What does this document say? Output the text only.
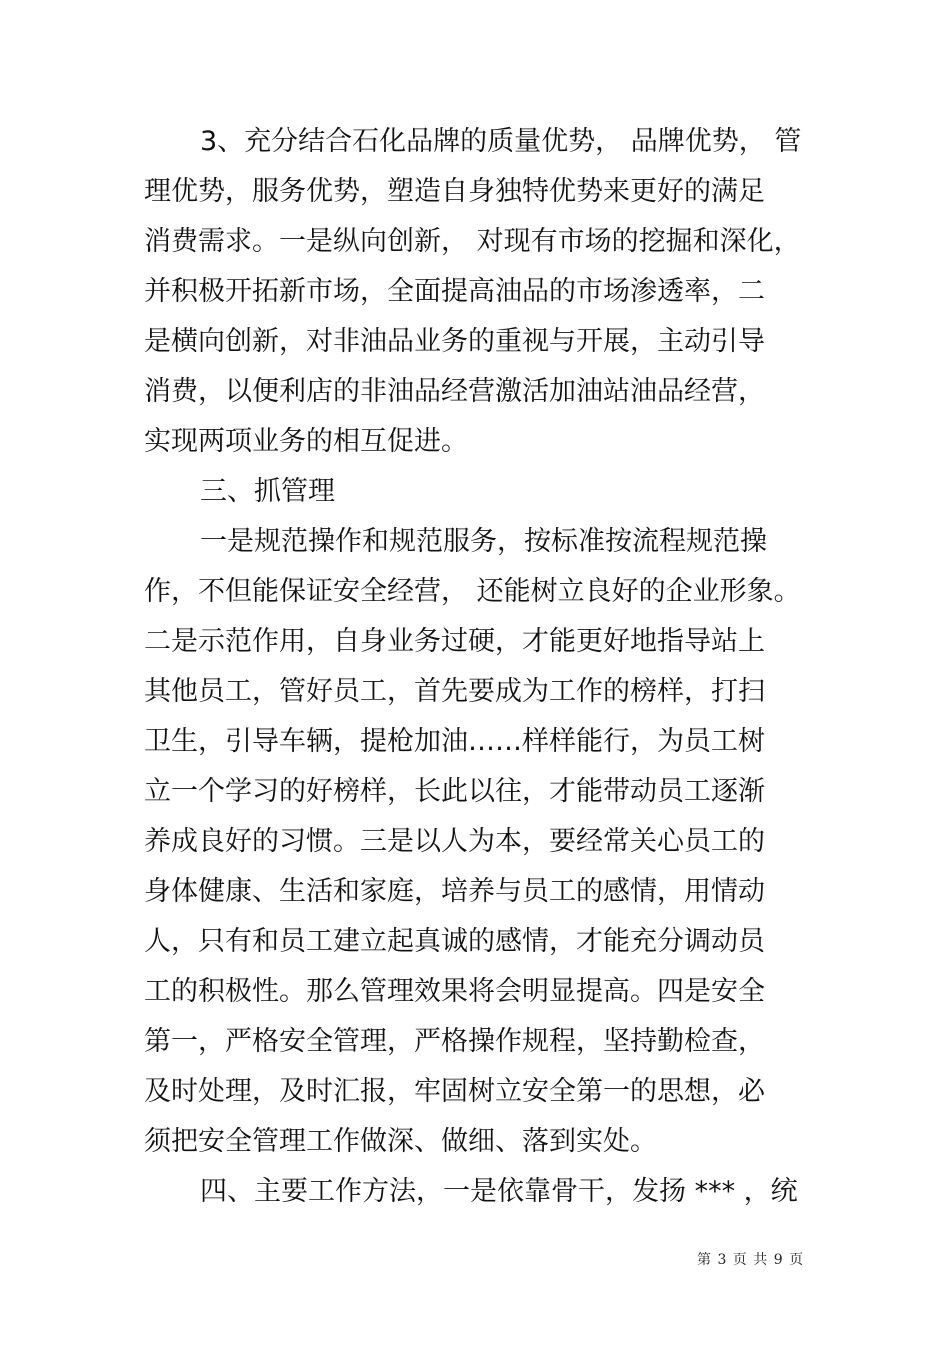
3、充分结合石化品牌的质量优势， 品牌优势， 管
理优势，服务优势，塑造自身独特优势来更好的满足
消费需求。一是纵向创新， 对现有市场的挖掘和深化，
并积极开拓新市场，全面提高油品的市场渗透率，二
是横向创新，对非油品业务的重视与开展，主动引导
消费，以便利店的非油品经营激活加油站油品经营，
实现两项业务的相互促进。
三、抓管理
一是规范操作和规范服务，按标准按流程规范操
作，不但能保证安全经营， 还能树立良好的企业形象。
二是示范作用，自身业务过硬，才能更好地指导站上
其他员工，管好员工，首先要成为工作的榜样，打扫
卫生，引导车辆，提枪加油……样样能行，为员工树
立一个学习的好榜样，长此以往，才能带动员工逐渐
养成良好的习惯。三是以人为本，要经常关心员工的
身体健康、生活和家庭，培养与员工的感情，用情动
人，只有和员工建立起真诚的感情，才能充分调动员
工的积极性。那么管理效果将会明显提高。四是安全
第一，严格安全管理，严格操作规程，坚持勤检查，
及时处理，及时汇报，牢固树立安全第一的思想，必
须把安全管理工作做深、做细、落到实处。
四、主要工作方法，一是依靠骨干，发扬 *** ，统
第 3 页 共 9 页
